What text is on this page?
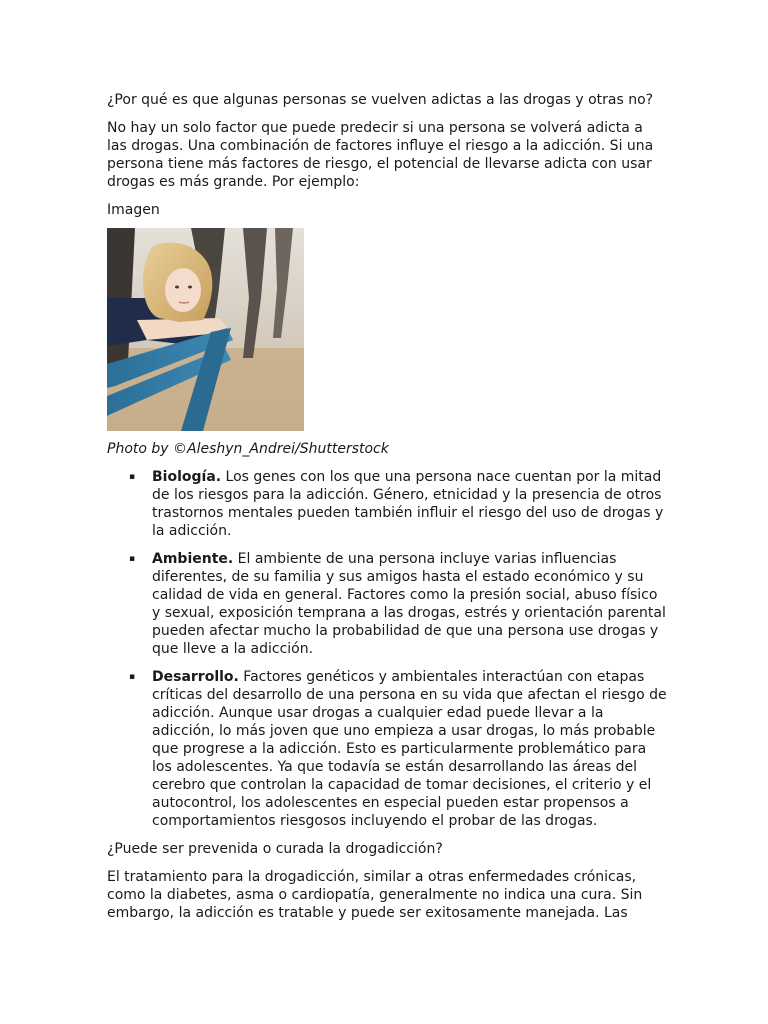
¿Por qué es que algunas personas se vuelven adictas a las drogas y otras no?

No hay un solo factor que puede predecir si una persona se volverá adicta a las drogas. Una combinación de factores influye el riesgo a la adicción. Si una persona tiene más factores de riesgo, el potencial de llevarse adicta con usar drogas es más grande. Por ejemplo:

Imagen

Photo by ©Aleshyn_Andrei/Shutterstock

▪ Biología. Los genes con los que una persona nace cuentan por la mitad de los riesgos para la adicción. Género, etnicidad y la presencia de otros trastornos mentales pueden también influir el riesgo del uso de drogas y la adicción.
▪ Ambiente. El ambiente de una persona incluye varias influencias diferentes, de su familia y sus amigos hasta el estado económico y su calidad de vida en general. Factores como la presión social, abuso físico y sexual, exposición temprana a las drogas, estrés y orientación parental pueden afectar mucho la probabilidad de que una persona use drogas y que lleve a la adicción.
▪ Desarrollo. Factores genéticos y ambientales interactúan con etapas críticas del desarrollo de una persona en su vida que afectan el riesgo de adicción. Aunque usar drogas a cualquier edad puede llevar a la adicción, lo más joven que uno empieza a usar drogas, lo más probable que progrese a la adicción. Esto es particularmente problemático para los adolescentes. Ya que todavía se están desarrollando las áreas del cerebro que controlan la capacidad de tomar decisiones, el criterio y el autocontrol, los adolescentes en especial pueden estar propensos a comportamientos riesgosos incluyendo el probar de las drogas.

¿Puede ser prevenida o curada la drogadicción?

El tratamiento para la drogadicción, similar a otras enfermedades crónicas, como la diabetes, asma o cardiopatía, generalmente no indica una cura. Sin embargo, la adicción es tratable y puede ser exitosamente manejada. Las
